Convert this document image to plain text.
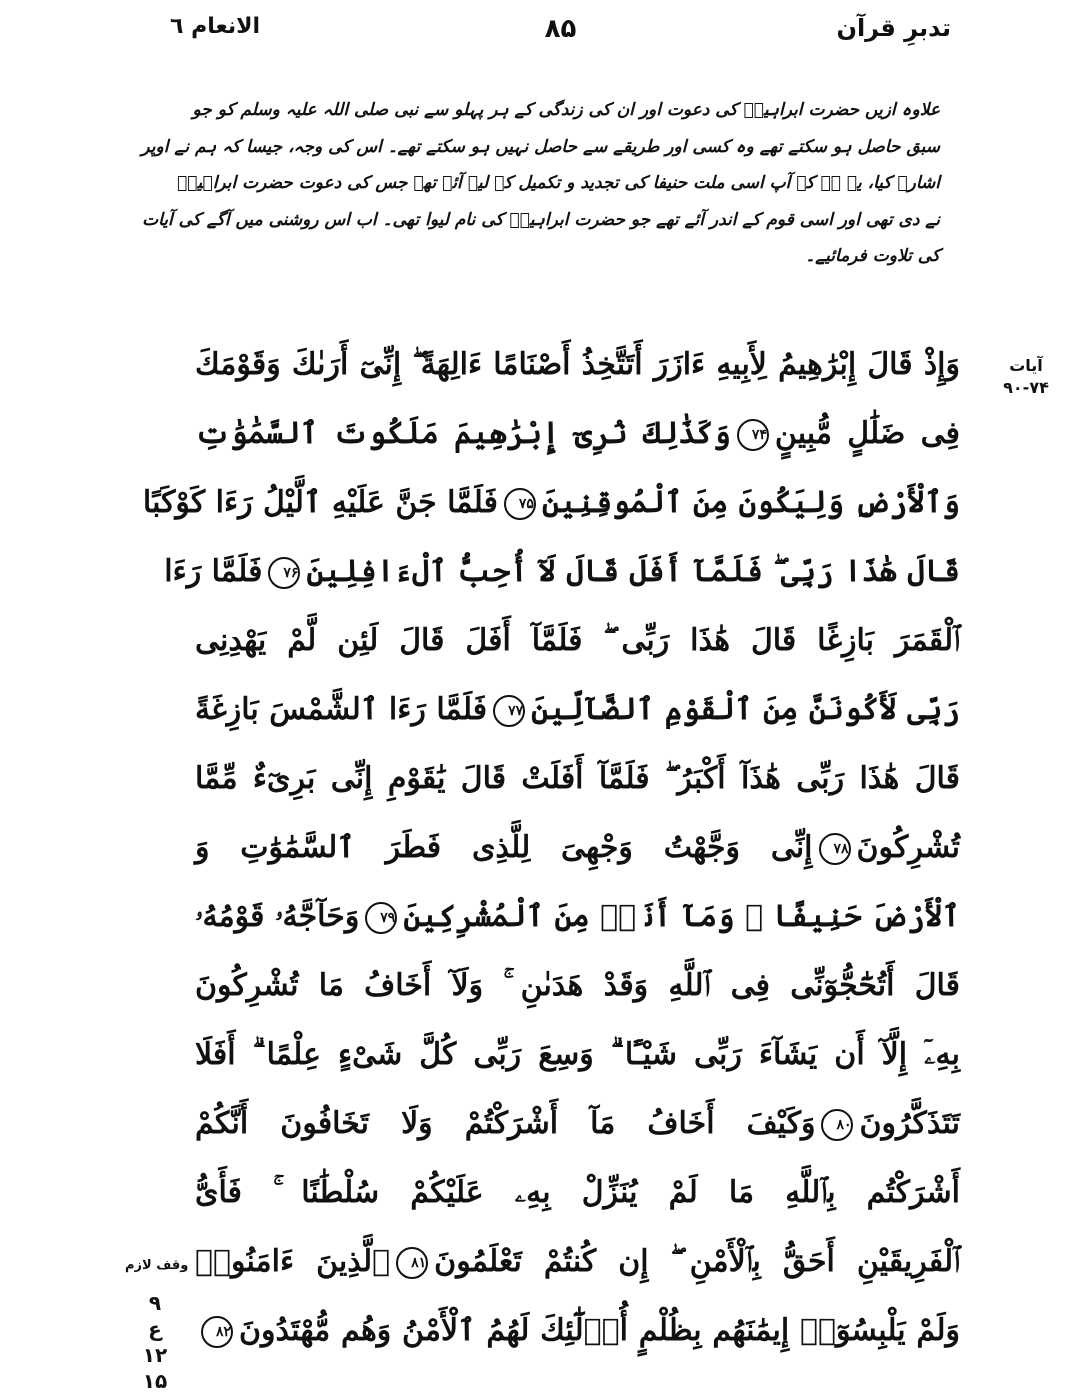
تدبرِ قرآن
۸۵
الانعام ٦
علاوہ ازیں حضرت ابراہیمؑ کی دعوت اور ان کی زندگی کے ہر پہلو سے نبی صلی اللہ علیہ وسلم کو جو
سبق حاصل ہو سکتے تھے وہ کسی اور طریقے سے حاصل نہیں ہو سکتے تھے۔ اس کی وجہ، جیسا کہ ہم نے اوپر
اشارہ کیا، یہ ہے کہ آپ اسی ملت حنیفا کی تجدید و تکمیل کے لیے آئے تھے جس کی دعوت حضرت ابراہیمؑ
نے دی تھی اور اسی قوم کے اندر آئے تھے جو حضرت ابراہیمؑ کی نام لیوا تھی۔ اب اس روشنی میں آگے کی آیات
کی تلاوت فرمائیے۔
آیات
۹۰-۷۴
وَإِذْ قَالَ إِبْرَٰهِيمُ لِأَبِيهِ ءَازَرَ أَتَتَّخِذُ أَصْنَامًا ءَالِهَةً ۖ إِنِّىٓ أَرَىٰكَ وَقَوْمَكَ
فِى ضَلَٰلٍ مُّبِينٍ۷۴وَكَذَٰلِكَ نُرِىٓ إِبْرَٰهِيمَ مَلَكُوتَ ٱلسَّمَٰوَٰتِ
وَٱلْأَرْضِ وَلِيَكُونَ مِنَ ٱلْمُوقِنِينَ۷۵فَلَمَّا جَنَّ عَلَيْهِ ٱلَّيْلُ رَءَا كَوْكَبًا
قَالَ هَٰذَا رَبِّى ۖ فَلَمَّآ أَفَلَ قَالَ لَآ أُحِبُّ ٱلْءَافِلِينَ۷۶فَلَمَّا رَءَا
ٱلْقَمَرَ بَازِغًا قَالَ هَٰذَا رَبِّى ۖ فَلَمَّآ أَفَلَ قَالَ لَئِن لَّمْ يَهْدِنِى
رَبِّى لَأَكُونَنَّ مِنَ ٱلْقَوْمِ ٱلضَّآلِّينَ۷۷فَلَمَّا رَءَا ٱلشَّمْسَ بَازِغَةً
قَالَ هَٰذَا رَبِّى هَٰذَآ أَكْبَرُ ۖ فَلَمَّآ أَفَلَتْ قَالَ يَٰقَوْمِ إِنِّى بَرِىٓءٌ مِّمَّا
تُشْرِكُونَ۷۸إِنِّى وَجَّهْتُ وَجْهِىَ لِلَّذِى فَطَرَ ٱلسَّمَٰوَٰتِ وَ
ٱلْأَرْضَ حَنِيفًا ۖ وَمَآ أَنَا۠ مِنَ ٱلْمُشْرِكِينَ۷۹وَحَآجَّهُۥ قَوْمُهُۥ
قَالَ أَتُحَٰٓجُّوٓنِّى فِى ٱللَّهِ وَقَدْ هَدَىٰنِ ۚ وَلَآ أَخَافُ مَا تُشْرِكُونَ
بِهِۦٓ إِلَّآ أَن يَشَآءَ رَبِّى شَيْـًٔا ۗ وَسِعَ رَبِّى كُلَّ شَىْءٍ عِلْمًا ۗ أَفَلَا
تَتَذَكَّرُونَ۸۰وَكَيْفَ أَخَافُ مَآ أَشْرَكْتُمْ وَلَا تَخَافُونَ أَنَّكُمْ
أَشْرَكْتُم بِٱللَّهِ مَا لَمْ يُنَزِّلْ بِهِۦ عَلَيْكُمْ سُلْطَٰنًا ۚ فَأَىُّ
ٱلْفَرِيقَيْنِ أَحَقُّ بِٱلْأَمْنِ ۖ إِن كُنتُمْ تَعْلَمُونَ۸۱ٱلَّذِينَ ءَامَنُوا۟
وَلَمْ يَلْبِسُوٓا۟ إِيمَٰنَهُم بِظُلْمٍ أُو۟لَٰٓئِكَ لَهُمُ ٱلْأَمْنُ وَهُم مُّهْتَدُونَ۸۲
وقف لازم
۹
ع ۱۲
۱۵
